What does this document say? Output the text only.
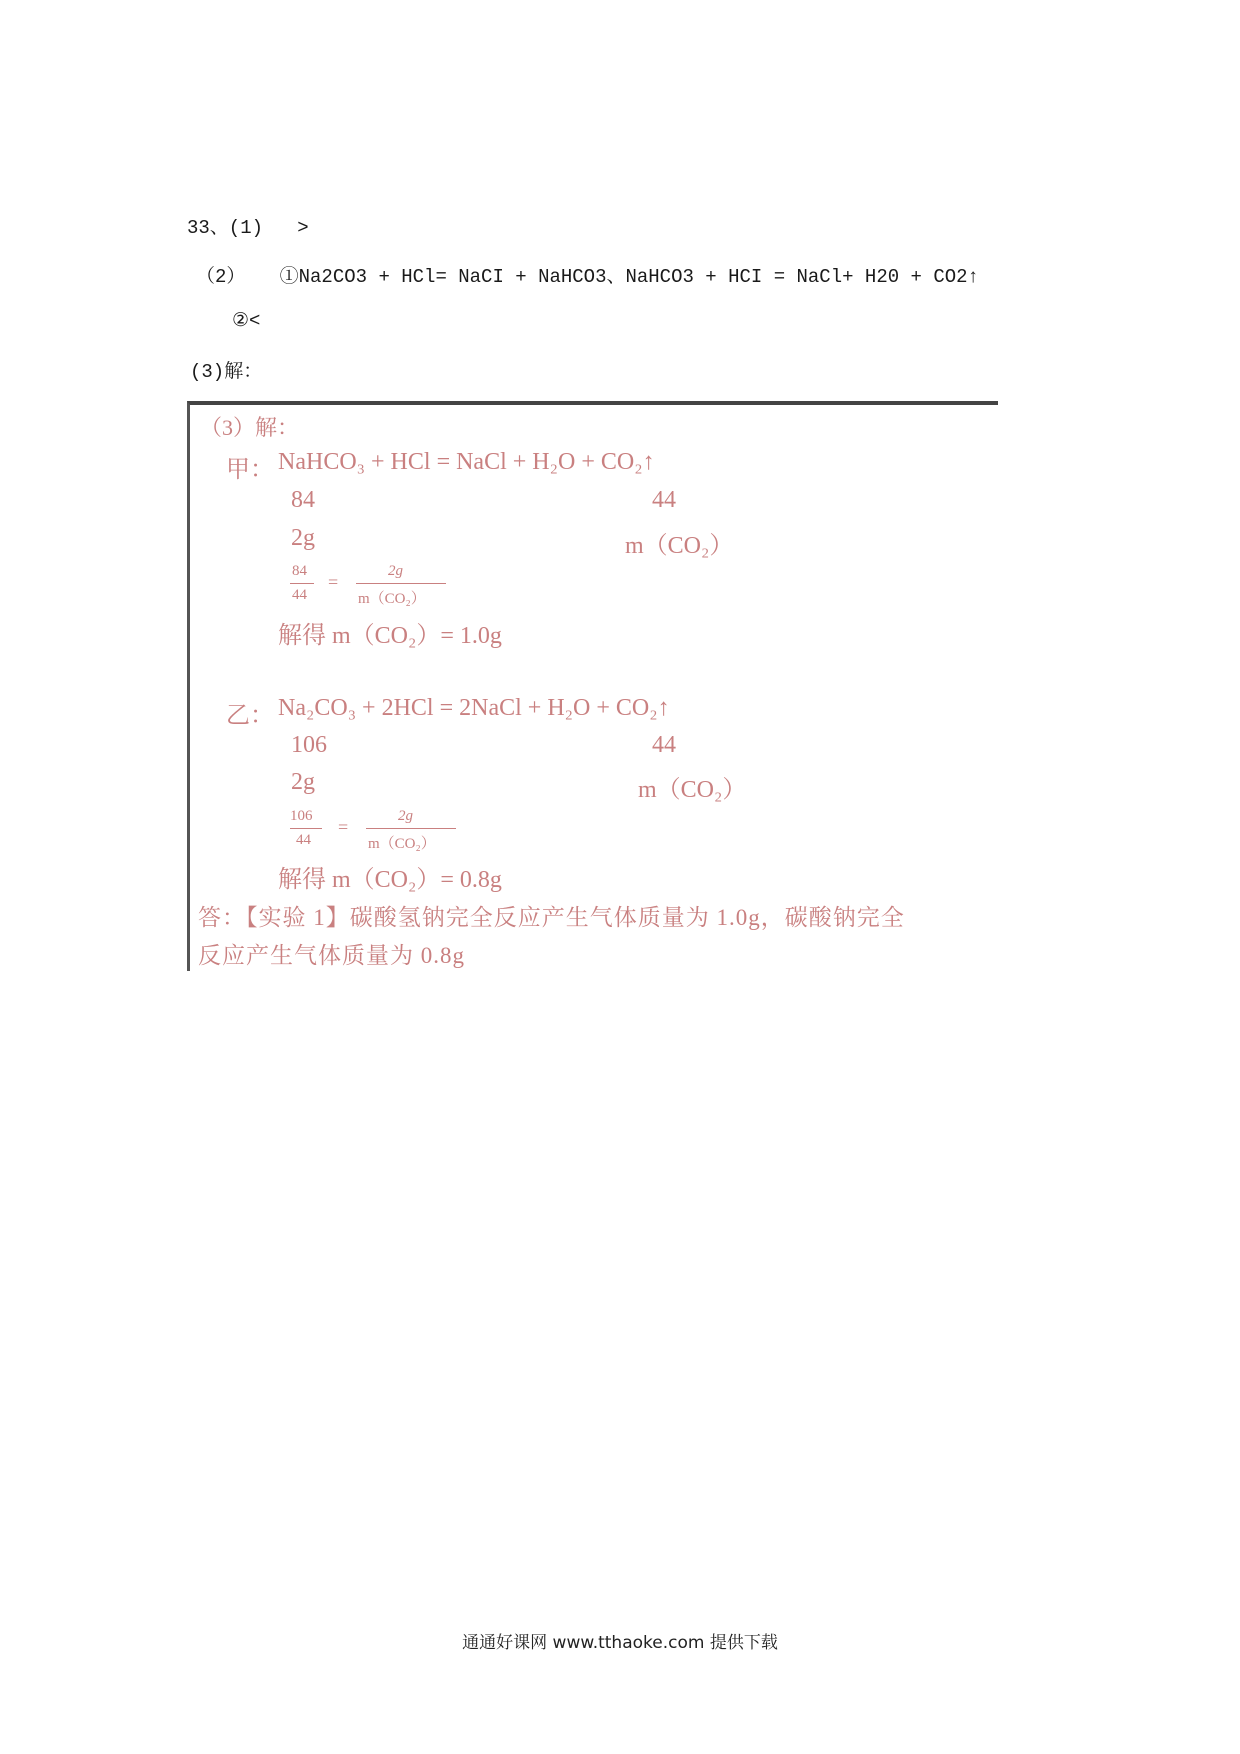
33、(1) >
（2） ①Na2CO3 + HCl= NaCI + NaHCO3、NaHCO3 + HCI = NaCl+ H20 + CO2↑
②<
(3)解：
（3）解：
甲： NaHCO₃ + HCl = NaCl + H₂O + CO₂↑
84	44
2g	m（CO₂）
84
44
=
2g
m（CO₂）
解得 m（CO₂）= 1.0g
乙： Na₂CO₃ + 2HCl = 2NaCl + H₂O + CO₂↑
106	44
2g	m（CO₂）
106
44
=
2g
m（CO₂）
解得 m（CO₂）= 0.8g
答：【实验 1】碳酸氢钠完全反应产生气体质量为 1.0g，碳酸钠完全
反应产生气体质量为 0.8g
通通好课网 www.tthaoke.com 提供下载
